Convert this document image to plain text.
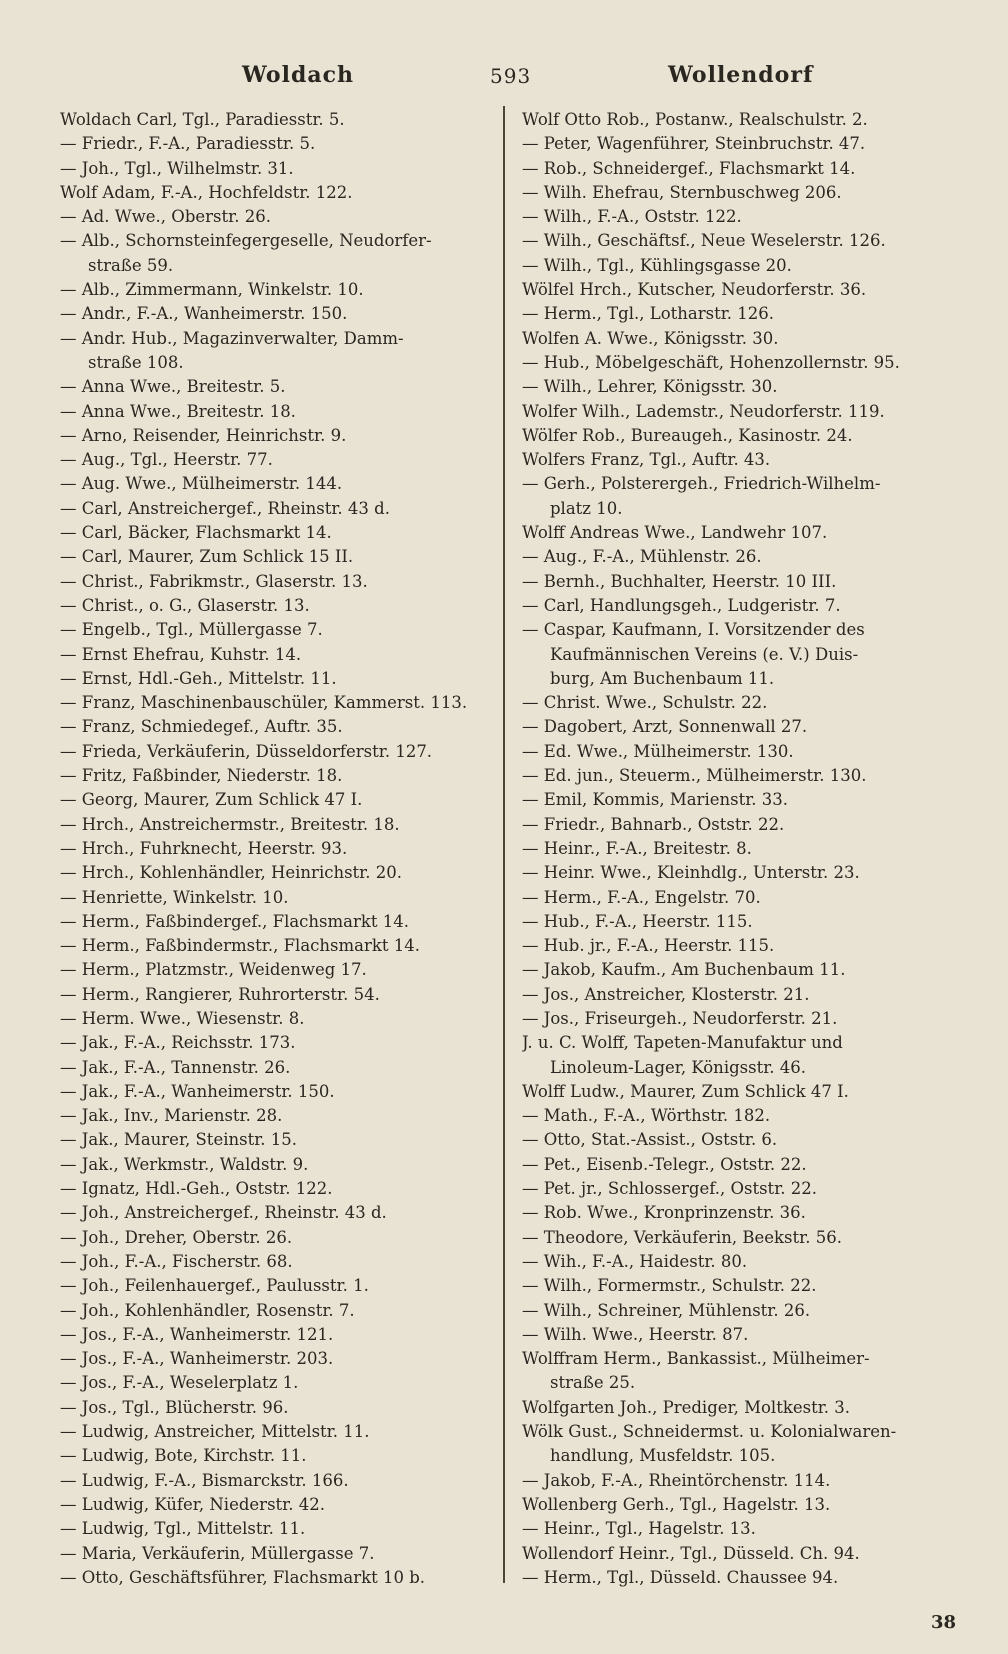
Woldach	593	Wollendorf
Woldach Carl, Tgl., Paradiesstr. 5.
— Friedr., F.-A., Paradiesstr. 5.
— Joh., Tgl., Wilhelmstr. 31.
Wolf Adam, F.-A., Hochfeldstr. 122.
— Ad. Wwe., Oberstr. 26.
— Alb., Schornsteinfegergeselle, Neudorfer-
straße 59.
— Alb., Zimmermann, Winkelstr. 10.
— Andr., F.-A., Wanheimerstr. 150.
— Andr. Hub., Magazinverwalter, Damm-
straße 108.
— Anna Wwe., Breitestr. 5.
— Anna Wwe., Breitestr. 18.
— Arno, Reisender, Heinrichstr. 9.
— Aug., Tgl., Heerstr. 77.
— Aug. Wwe., Mülheimerstr. 144.
— Carl, Anstreichergef., Rheinstr. 43 d.
— Carl, Bäcker, Flachsmarkt 14.
— Carl, Maurer, Zum Schlick 15 II.
— Christ., Fabrikmstr., Glaserstr. 13.
— Christ., o. G., Glaserstr. 13.
— Engelb., Tgl., Müllergasse 7.
— Ernst Ehefrau, Kuhstr. 14.
— Ernst, Hdl.-Geh., Mittelstr. 11.
— Franz, Maschinenbauschüler, Kammerst. 113.
— Franz, Schmiedegef., Auftr. 35.
— Frieda, Verkäuferin, Düsseldorferstr. 127.
— Fritz, Faßbinder, Niederstr. 18.
— Georg, Maurer, Zum Schlick 47 I.
— Hrch., Anstreichermstr., Breitestr. 18.
— Hrch., Fuhrknecht, Heerstr. 93.
— Hrch., Kohlenhändler, Heinrichstr. 20.
— Henriette, Winkelstr. 10.
— Herm., Faßbindergef., Flachsmarkt 14.
— Herm., Faßbindermstr., Flachsmarkt 14.
— Herm., Platzmstr., Weidenweg 17.
— Herm., Rangierer, Ruhrorterstr. 54.
— Herm. Wwe., Wiesenstr. 8.
— Jak., F.-A., Reichsstr. 173.
— Jak., F.-A., Tannenstr. 26.
— Jak., F.-A., Wanheimerstr. 150.
— Jak., Inv., Marienstr. 28.
— Jak., Maurer, Steinstr. 15.
— Jak., Werkmstr., Waldstr. 9.
— Ignatz, Hdl.-Geh., Oststr. 122.
— Joh., Anstreichergef., Rheinstr. 43 d.
— Joh., Dreher, Oberstr. 26.
— Joh., F.-A., Fischerstr. 68.
— Joh., Feilenhauergef., Paulusstr. 1.
— Joh., Kohlenhändler, Rosenstr. 7.
— Jos., F.-A., Wanheimerstr. 121.
— Jos., F.-A., Wanheimerstr. 203.
— Jos., F.-A., Weselerplatz 1.
— Jos., Tgl., Blücherstr. 96.
— Ludwig, Anstreicher, Mittelstr. 11.
— Ludwig, Bote, Kirchstr. 11.
— Ludwig, F.-A., Bismarckstr. 166.
— Ludwig, Küfer, Niederstr. 42.
— Ludwig, Tgl., Mittelstr. 11.
— Maria, Verkäuferin, Müllergasse 7.
— Otto, Geschäftsführer, Flachsmarkt 10 b.
Wolf Otto Rob., Postanw., Realschulstr. 2.
— Peter, Wagenführer, Steinbruchstr. 47.
— Rob., Schneidergef., Flachsmarkt 14.
— Wilh. Ehefrau, Sternbuschweg 206.
— Wilh., F.-A., Oststr. 122.
— Wilh., Geschäftsf., Neue Weselerstr. 126.
— Wilh., Tgl., Kühlingsgasse 20.
Wölfel Hrch., Kutscher, Neudorferstr. 36.
— Herm., Tgl., Lotharstr. 126.
Wolfen A. Wwe., Königsstr. 30.
— Hub., Möbelgeschäft, Hohenzollernstr. 95.
— Wilh., Lehrer, Königsstr. 30.
Wolfer Wilh., Lademstr., Neudorferstr. 119.
Wölfer Rob., Bureaugeh., Kasinostr. 24.
Wolfers Franz, Tgl., Auftr. 43.
— Gerh., Polsterergeh., Friedrich-Wilhelm-
platz 10.
Wolff Andreas Wwe., Landwehr 107.
— Aug., F.-A., Mühlenstr. 26.
— Bernh., Buchhalter, Heerstr. 10 III.
— Carl, Handlungsgeh., Ludgeristr. 7.
— Caspar, Kaufmann, I. Vorsitzender des
Kaufmännischen Vereins (e. V.) Duis-
burg, Am Buchenbaum 11.
— Christ. Wwe., Schulstr. 22.
— Dagobert, Arzt, Sonnenwall 27.
— Ed. Wwe., Mülheimerstr. 130.
— Ed. jun., Steuerm., Mülheimerstr. 130.
— Emil, Kommis, Marienstr. 33.
— Friedr., Bahnarb., Oststr. 22.
— Heinr., F.-A., Breitestr. 8.
— Heinr. Wwe., Kleinhdlg., Unterstr. 23.
— Herm., F.-A., Engelstr. 70.
— Hub., F.-A., Heerstr. 115.
— Hub. jr., F.-A., Heerstr. 115.
— Jakob, Kaufm., Am Buchenbaum 11.
— Jos., Anstreicher, Klosterstr. 21.
— Jos., Friseurgeh., Neudorferstr. 21.
J. u. C. Wolff, Tapeten-Manufaktur und
Linoleum-Lager, Königsstr. 46.
Wolff Ludw., Maurer, Zum Schlick 47 I.
— Math., F.-A., Wörthstr. 182.
— Otto, Stat.-Assist., Oststr. 6.
— Pet., Eisenb.-Telegr., Oststr. 22.
— Pet. jr., Schlossergef., Oststr. 22.
— Rob. Wwe., Kronprinzenstr. 36.
— Theodore, Verkäuferin, Beekstr. 56.
— Wih., F.-A., Haidestr. 80.
— Wilh., Formermstr., Schulstr. 22.
— Wilh., Schreiner, Mühlenstr. 26.
— Wilh. Wwe., Heerstr. 87.
Wolffram Herm., Bankassist., Mülheimer-
straße 25.
Wolfgarten Joh., Prediger, Moltkestr. 3.
Wölk Gust., Schneidermst. u. Kolonialwaren-
handlung, Musfeldstr. 105.
— Jakob, F.-A., Rheintörchenstr. 114.
Wollenberg Gerh., Tgl., Hagelstr. 13.
— Heinr., Tgl., Hagelstr. 13.
Wollendorf Heinr., Tgl., Düsseld. Ch. 94.
— Herm., Tgl., Düsseld. Chaussee 94.
38
